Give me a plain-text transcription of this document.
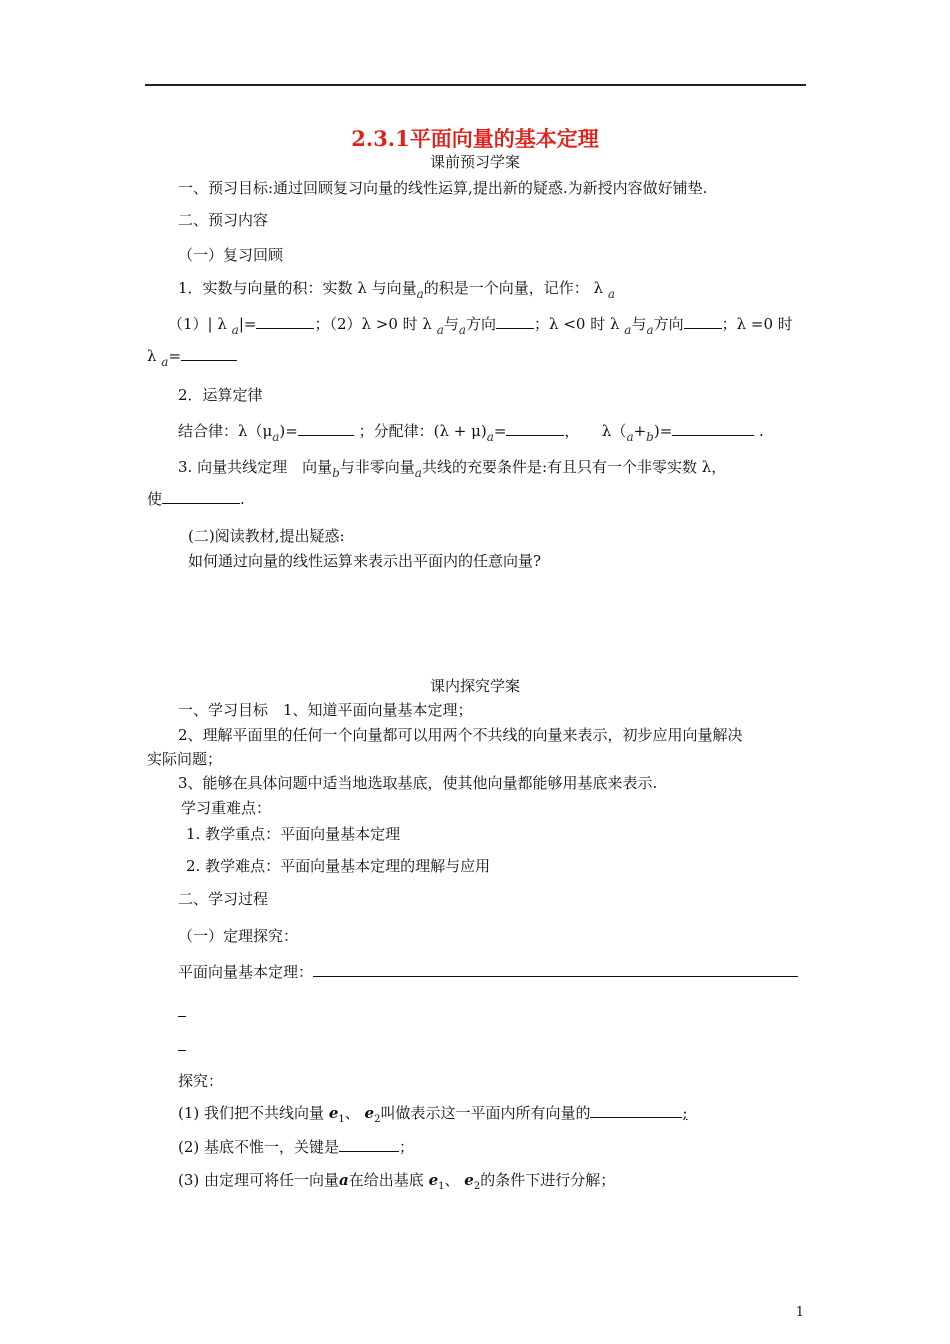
2.3.1平面向量的基本定理
课前预习学案
一、预习目标:通过回顾复习向量的线性运算,提出新的疑惑.为新授内容做好铺垫.
二、预习内容
（一）复习回顾
1．实数与向量的积：实数 λ 与向量$_a$的积是一个向量，记作： λ $_a$
（1）| λ $_a$|=	；（2）λ >0 时 λ $_a$与$_a$方向	；λ <0 时 λ $_a$与$_a$方向	；λ =0 时
λ $_a$=
2．运算定律
结合律：$\lambda(\mu_a)=$	；分配律：$(\lambda + \mu)_a=$	，　　$\lambda(_a+_b)=$	.
3. 向量共线定理　向量$_b$与非零向量$_a$共线的充要条件是:有且只有一个非零实数 λ，
使	.
(二)阅读教材,提出疑惑:
如何通过向量的线性运算来表示出平面内的任意向量?
课内探究学案
一、学习目标　1、知道平面向量基本定理；
2、理解平面里的任何一个向量都可以用两个不共线的向量来表示，初步应用向量解决
实际问题；
3、能够在具体问题中适当地选取基底，使其他向量都能够用基底来表示.
学习重难点：
1. 教学重点：平面向量基本定理
2. 教学难点：平面向量基本定理的理解与应用
二、学习过程
（一）定理探究：
平面向量基本定理：
探究：
(1) 我们把不共线向量 $e_1$、 $e_2$叫做表示这一平面内所有向量的	;
(2) 基底不惟一，关键是	；
(3) 由定理可将任一向量a在给出基底 $e_1$、 $e_2$的条件下进行分解；
1
